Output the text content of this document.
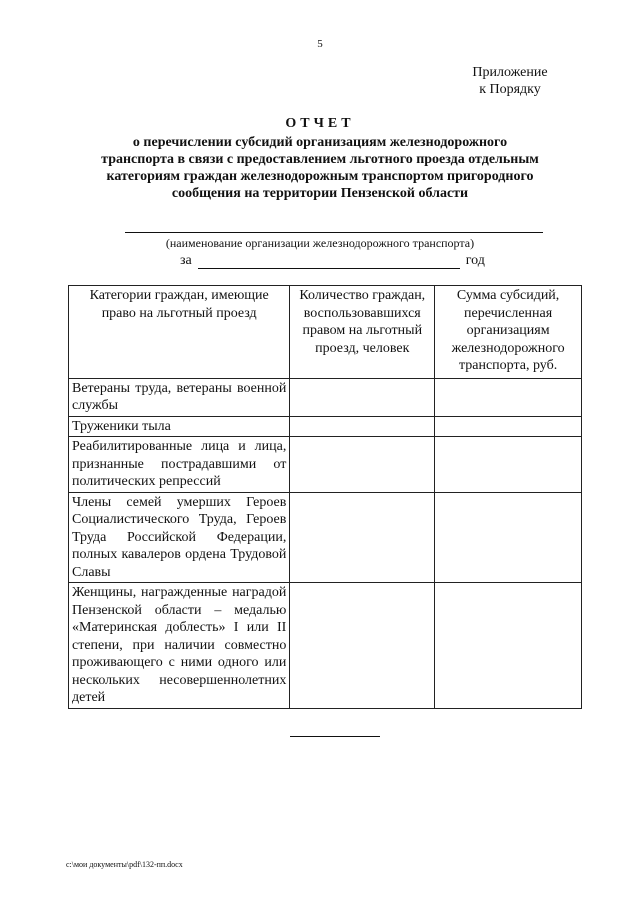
5
Приложение
к Порядку
ОТЧЕТ
о перечислении субсидий организациям железнодорожного транспорта в связи с предоставлением льготного проезда отдельным категориям граждан железнодорожным транспортом пригородного сообщения на территории Пензенской области
(наименование организации железнодорожного транспорта)
за	год
Категории граждан, имеющие право на льготный проезд	Количество граждан, воспользовавшихся правом на льготный проезд, человек	Сумма субсидий, перечисленная организациям железнодорожного транспорта, руб.
Ветераны труда, ветераны военной службы		
Труженики тыла		
Реабилитированные лица и лица, признанные пострадавшими от политических репрессий		
Члены семей умерших Героев Социалистического Труда, Героев Труда Российской Федерации, полных кавалеров ордена Трудовой Славы		
Женщины, награжденные наградой Пензенской области – медалью «Материнская доблесть» I или II степени, при наличии совместно проживающего с ними одного или нескольких несовершеннолетних детей		
c:\мои документы\pdf\132-пп.docx
